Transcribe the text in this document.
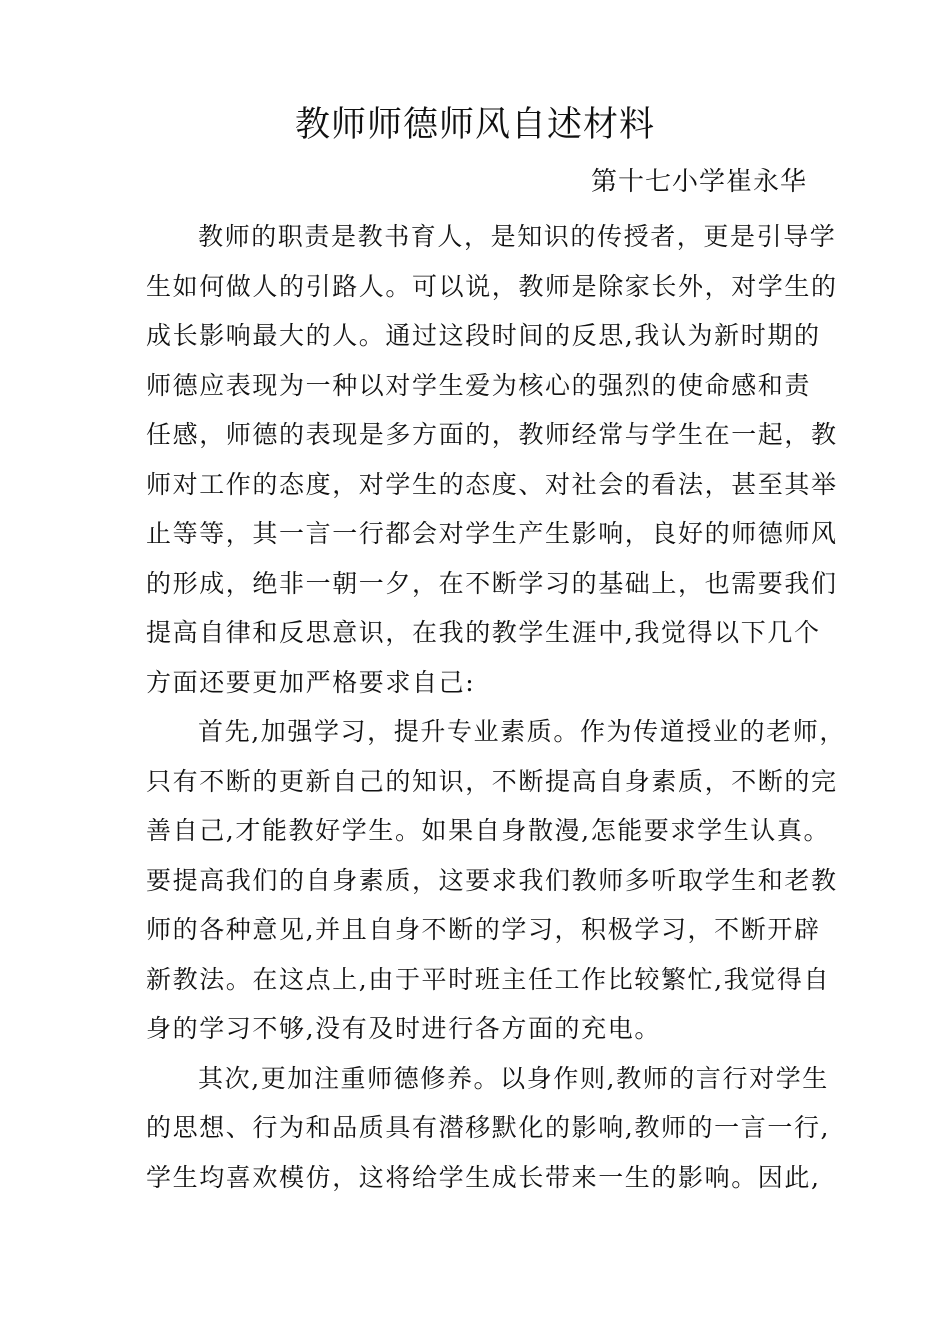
教师师德师风自述材料

第十七小学崔永华

教师的职责是教书育人，是知识的传授者，更是引导学
生如何做人的引路人。可以说，教师是除家长外，对学生的
成长影响最大的人。通过这段时间的反思,我认为新时期的
师德应表现为一种以对学生爱为核心的强烈的使命感和责
任感，师德的表现是多方面的，教师经常与学生在一起，教
师对工作的态度，对学生的态度、对社会的看法，甚至其举
止等等，其一言一行都会对学生产生影响，良好的师德师风
的形成，绝非一朝一夕，在不断学习的基础上，也需要我们
提高自律和反思意识，在我的教学生涯中,我觉得以下几个
方面还要更加严格要求自己:
首先,加强学习，提升专业素质。作为传道授业的老师，
只有不断的更新自己的知识，不断提高自身素质，不断的完
善自己,才能教好学生。如果自身散漫,怎能要求学生认真。
要提高我们的自身素质，这要求我们教师多听取学生和老教
师的各种意见,并且自身不断的学习，积极学习，不断开辟
新教法。在这点上,由于平时班主任工作比较繁忙,我觉得自
身的学习不够,没有及时进行各方面的充电。
其次,更加注重师德修养。以身作则,教师的言行对学生
的思想、行为和品质具有潜移默化的影响,教师的一言一行,
学生均喜欢模仿，这将给学生成长带来一生的影响。因此,
